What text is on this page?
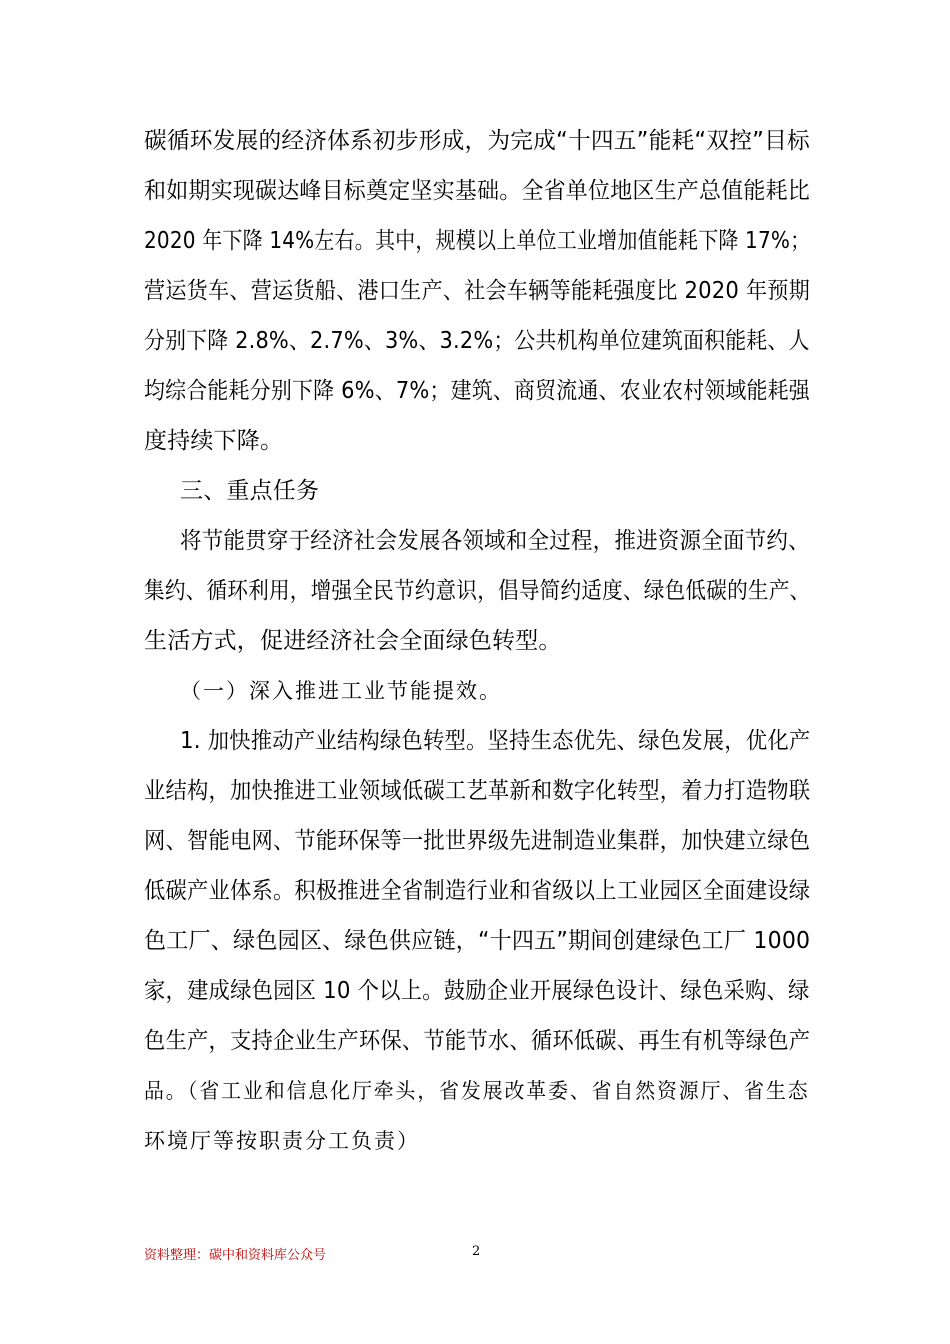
碳循环发展的经济体系初步形成，为完成“十四五”能耗“双控”目标
和如期实现碳达峰目标奠定坚实基础。全省单位地区生产总值能耗比
2020 年下降 14%左右。其中，规模以上单位工业增加值能耗下降 17%；
营运货车、营运货船、港口生产、社会车辆等能耗强度比 2020 年预期
分别下降 2.8%、2.7%、3%、3.2%；公共机构单位建筑面积能耗、人
均综合能耗分别下降 6%、7%；建筑、商贸流通、农业农村领域能耗强
度持续下降。
三、重点任务
将节能贯穿于经济社会发展各领域和全过程，推进资源全面节约、
集约、循环利用，增强全民节约意识，倡导简约适度、绿色低碳的生产、
生活方式，促进经济社会全面绿色转型。
（一）深入推进工业节能提效。
1. 加快推动产业结构绿色转型。坚持生态优先、绿色发展，优化产
业结构，加快推进工业领域低碳工艺革新和数字化转型，着力打造物联
网、智能电网、节能环保等一批世界级先进制造业集群，加快建立绿色
低碳产业体系。积极推进全省制造行业和省级以上工业园区全面建设绿
色工厂、绿色园区、绿色供应链，“十四五”期间创建绿色工厂 1000
家，建成绿色园区 10 个以上。鼓励企业开展绿色设计、绿色采购、绿
色生产，支持企业生产环保、节能节水、循环低碳、再生有机等绿色产
品。（省工业和信息化厅牵头，省发展改革委、省自然资源厅、省生态
环境厅等按职责分工负责）
资料整理：碳中和资料库公众号	2
